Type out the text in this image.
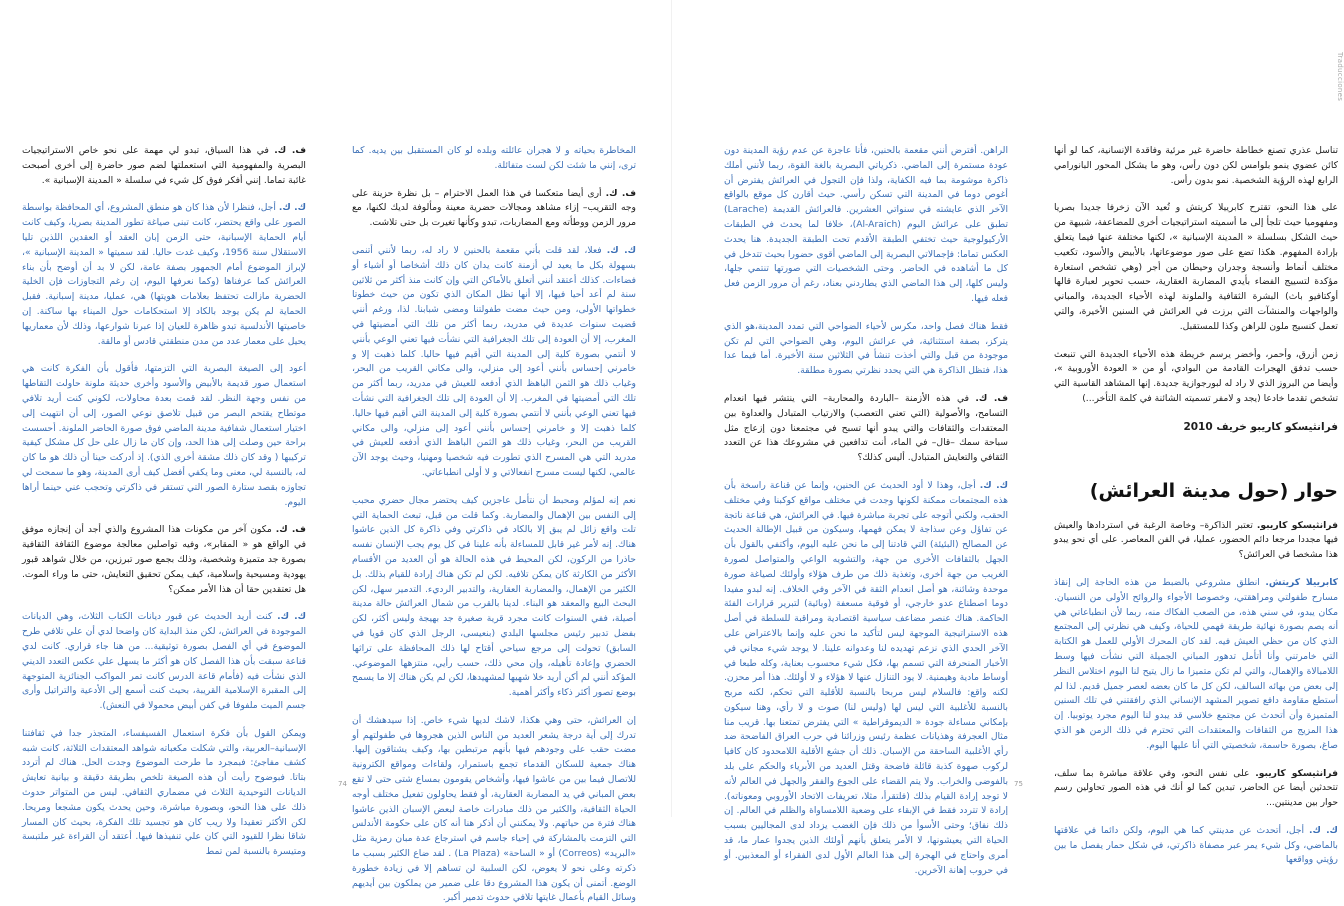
المخاطرة بحياته و لا هجران عائلته وبلده لو كان المستقبل بين يديه. كما ترى، إنني ما شئت لكن لست متفائلة.

ف. ك. أرى أيضا متعكسا في هذا العمل الاحترام – بل نظرة حزينة على وجه التقريب– إزاء مشاهد ومجالات حضرية معينة ومألوفة لديك لكنها، مع مرور الزمن ووطأته ومع المضاربات، تبدو وكأنها تغيرت بل حتى تلاشت.

ك. ك. فعلا، لقد قلت بأني مقعمة بالحنين لا راد له، ربما لأنني أتنمى بسهولة بكل ما يعيد لي أزمنة كانت يدان كان ذلك أشخاصا أو أشياء أو فضاءات. كذلك أعتقد أنني أتعلق بالأماكن التي وإن كانت منذ أكثر من ثلاثين سنة لم أعد أحيا فيها، إلا أنها تظل المكان الذي تكون من حيث خطوتا خطواتها الأولى، ومن حيث مضت طفولتنا ومضى شبابنا. لذا، ورغم أنني قضيت سنوات عديدة في مدريد، ربما أكثر من تلك التي أمضيتها في المغرب، إلا أن العودة إلى تلك الجغرافية التي نشأت فيها تعني الوعي بأنني لا أنتمي بصورة كلية إلى المدينة التي أقيم فيها حاليا. كلما ذهبت إلا و خامرني إحساس بأنني أعود إلى منزلي، والى مكاني القريب من البحر، وغياب ذلك هو الثمن الباهظ الذي أدفعه للعيش في مدريد، ربما أكثر من تلك التي أمضيتها في المغرب. إلا أن العودة إلى تلك الجغرافية التي نشأت فيها تعني الوعي بأنني لا أنتمي بصورة كلية إلى المدينة التي أقيم فيها حاليا. كلما ذهبت إلا و خامرني إحساس بأنني أعود إلى منزلي، والى مكاني القريب من البحر، وغياب ذلك هو الثمن الباهظ الذي أدفعه للعيش في مدريد التي هي المسرح الذي تطورت فيه شخصيا ومهنيا، وحيث يوجد الآن عالمي، لكنها ليست مسرح انفعالاتي و لا أولى انطباعاتي.

نعم إنه لمؤلم ومحبط أن نتأمل عاجزين كيف يحتضر مجال حضري محبب إلى النفس بين الإهمال والمضاربة. وكما قلت من قبل، تبعث الحماية التي تلت واقع زائل لم يبق إلا بالكاد في ذاكرتي وفي ذاكرة كل الذين عاشوا هناك. إنه لأمر غير قابل للمساءلة بأنه علينا في كل يوم يجب الإنسان نفسه حاذرا من الركون، لكن المحيط في هذه الحالة هو أن العديد من الأقسام الأكثر من الكارثة كان يمكن تلافيه. لكن لم تكن هناك إرادة للقيام بذلك. بل الكثير من الإهمال، والمضاربة العقارية، والتدبير الرديء. التدمير سهل، لكن البحث البيع والمعقد هو البناء. لدينا بالقرب من شمال العرائش حالة مدينة أصيلة، ففي السنوات كانت مجرد قرية صغيرة جد بهيجة وليس أكثر، لكن بفضل تدبير رئيس مجلسها البلدي (بنعيسى، الرجل الذي كان قويا في السابق) تحولت إلى مرجع سياحي أقتاح لها ذلك المحافظة على تراثها الحضري وإعادة تأهيله، وإن محي ذلك، حسب رأيي، منتزهها الموضوعي. المؤكد أنني لم أكن أريد خلا شهيها لمشهيدها، لكن لم يكن هناك إلا ما يسمح بوضع تصور أكثر ذكاء وأكثر أهمية.

إن العرائش، حتى وهي هكذا، لاشك لديها شيء خاص. إذا سيدهشك أن تدرك إلى أية درجة يشعر العديد من الناس الذين هجروها في طفولتهم أو مضت حقب على وجودهم فيها بأنهم مرتبطين بها، وكيف يشتاقون إليها. هناك جمعية للسكان القدماء تجمع باستمرار، ولقاءات ومواقع الكترونية للاتصال فيما بين من عاشوا فيها، وأشخاص يقومون بمساع شتى حتى لا تقع بعض المباني في يد المضاربة العقارية، أو فقط يحاولون تفعيل مختلف أوجه الحياة الثقافية، والكثير من ذلك مبادرات خاصة لبعض الإسبان الذين عاشوا هناك فترة من حياتهم. ولا يمكنني أن أذكر هنا أنه كان على حكومة الأندلس التي التزمت بالمشاركة في إحياء جاسم في استرجاع عدة مبان رمزية مثل «البريد» (Correos) أو « الساحة» (La Plaza) . لقد ضاع الكثير بسبب ما ذكرته وعلى نحو لا يعوض، لكن السلبية لن تساهم إلا في زيادة خطورة الوضع. أتمنى أن يكون هذا المشروع دقا على ضمير من يملكون بين أيديهم وسائل القيام بأعمال غايتها تلافي حدوث تدمير أكبر.

ف. ك. في هذا السياق، تبدو لي مهمة على نحو خاص الاستراتيجيات البصرية والمفهومية التي استعملتها لضم صور حاضرة إلى أخرى أصبحت غائبة تماما. إنني أفكر فوق كل شيء في سلسلة « المدينة الإسبانية ».

ك. ك. أجل، فنظرا لأن هذا كان هو منطق المشروع، أي المحافظة بواسطة الصور على واقع يحتضر، كانت تبنى صياغة تطور المدينة بصريا، وكيف كانت أيام الحماية الإسبانية، حتى الزمن إبان العقد أو العقدين اللذين تليا الاستقلال سنة 1956، وكيف غدت حاليا. لقد سميتها « المدينة الإسبانية »، لإبراز الموضوع أمام الجمهور بصفة عامة، لكن لا بد أن أوضح بأن بناء العرائش كما عرفناها (وكما نعرفها اليوم، إن رغم التجاوزات فإن الخلية الحضرية مازالت تحتفظ بعلامات هويتها) هي، عمليا، مدينة إسبانية. فقبل الحماية لم يكن يوجد بالكاد إلا استحكامات حول الميناء بها ساكنة. إن خاصيتها الأندلسية تبدو ظاهرة للعيان إذا عبرنا شوارعها، وذلك لأن معماريها يحيل على معمار عدد من مدن منطقتي قادس أو مالقة.

أعود إلى الصيغة البصرية التي التزمتها، فأقول بأن الفكرة كانت هي استعمال صور قديمة بالأبيض والأسود وأخرى حديثة ملونة حاولت التقاطها من نفس وجهة النظر. لقد قمت بعدة محاولات، لكوني كنت أريد تلافي موتطاح يقتحم البصر من قبيل تلاصق نوعي الصور، إلى أن انتهيت إلى اختيار استعمال شفافية مدينة الماضي فوق صورة الحاضر الملونة. أحسست براحة حين وصلت إلى هذا الحد، وإن كان ما زال على حل كل مشكل كيفية تركيبها ( وقد كان ذلك مشقة أخرى الذي). إذ أدركت حينا أن ذلك هو ما كان له، بالنسبة لي، معنى وما يكفي أفضل كيف أرى المدينة، وهو ما سمحت لي تجاوزه بقصد ستارة الصور التي تستقر في ذاكرتي وتحجب عني حينما أراها اليوم.

ف. ك. مكون آخر من مكونات هذا المشروع والذي أجد أن إنجازه موفق في الواقع هو « المقابر»، وفيه تواصلين معالجة موضوع الثقافة الثقافية بصورة جد متميزة وشخصية، وذلك بجمع صور تبرزين، من خلال شواهد قبور يهودية ومسيحية وإسلامية، كيف يمكن تحقيق التعايش، حتى ما وراء الموت. هل تعتقدين حقا أن هذا الأمر ممكن؟

ك. ك. كنت أريد الحديث عن قبور ديانات الكتاب الثلاث، وهي الديانات الموجودة في العرائش، لكن منذ البداية كان واضحا لدي أن علي تلافي طرح الموضوع في أي الفصل بصورة توثيقية... من هنا جاء قراري. كانت لدي قناعة سبقت بأن هذا الفصل كان هو أكثر ما يسهل علي عكس التعدد الديني الذي نشأت فيه (فأمام قاعة الدرس كانت تمر المواكب الجنائزية المتوجهة إلى المقبرة الإسلامية القريبة، بحيث كنت أسمع إلى الأدعية والتراتيل وأرى جسم الميت ملفوفا في كفن أبيض محمولا في النعش).

ويمكن القول بأن فكرة استعمال الفسيفساء، المتجذر جدا في ثقافتنا الإسبانية–العربية، والتي شكلت مكعباته شواهد المعتقدات الثلاثة، كانت شبه كشف مفاجئ: فبمجرد ما طرحت الموضوع وجدت الحل. هناك لم أتردد بتاتا. فبوضوح رأيت أن هذه الصيغة تلخص بطريقة دقيقة و بيانية تعايش الديانات التوحيدية الثلاث في مضماري الثقافي. ليس من المتواتر حدوث ذلك على هذا النحو، وبصورة مباشرة، وحين يحدث يكون مشجعا ومريحا. لكن الأكثر تعقيدا ولا ريب كان هو تجسيد تلك الفكرة، بحيث كان المسار شاقا نظرا للقيود التي كان علي تنفيذها فيها. أعتقد أن القراءة غير ملتبسة ومتيسرة بالنسبة لمن تمط

74
Traducciones

تناسل عذري تصنع خطاطة حاضرة غير مرئية وفاقدة الإنسانية، كما لو أنها كائن عضوي ينمو بلوامس لكن دون رأس، وهو ما يشكل المحور البانورامي الرابع لهذه الرؤية الشخصية. نمو بدون رأس.

على هذا النحو، تقترح كابرييلا كريتش و تُعيد الآن زخرفا جديدا بصريا ومفهوميا حيث تلجأ إلى ما أسميته استراتيجيات أخرى للمضاعفة، شبيهة من حيث الشكل بسلسلة « المدينة الإسبانية »، لكنها مختلفة عنها فيما يتعلق بإرادة المفهوم. هكذا تضع على صور موضوعاتها، بالأبيض والأسود، تكعيب مختلف أنماط وأنسجة وجدران وحيطان من أجر (وهي تشخص استعارة مؤكدة لتسييج الفضاء بأيدي المضاربة العقارية، حسب تحوير لعبارة قالها أوكتافيو باث) البشرة الثقافية والملونة لهذه الأحياء الجديدة، والمباني والواجهات والمنشآت التي برزت في العرائش في السنين الأخيرة، والتي تعمل كنسيج ملون للراهن وكذا للمستقبل.

زمن أزرق، وأحمر، وأخضر يرسم خريطة هذه الأحياء الجديدة التي تنبعث حسب تدفق الهجرات القادمة من البوادي، أو من « العودة الأوروبية »، وأيضا من البروز الذي لا راد له لبورجوازية جديدة. إنها المشاهد القاسية التي تشخص تقدما خادعا (يجد و لامفر تسميته الشائنة في كلمة التأخر...)

فرانثيسكو كاريبو خريف 2010

حوار (حول مدينة العرائش)

فرانثيسكو كاريبو. تعتبر الذاكرة– وخاصة الرغبة في استردادها والعيش فيها مجددا مرجعا دائم الحضور، عمليا، في الفن المعاصر. على أي نحو يبدو هذا مشخصا في العرائش؟

كابرييلا كريتش. انطلق مشروعي بالضبط من هذه الحاجة إلى إنقاذ مسارح طفولتي ومراهقتي، وخصوصا الأجواء والروائح الأولى من النسيان. مكان يبدو، في سني هذه، من الصعب الفكاك منه، ربما لأن انطباعاتي هي أنه يصم بصورة نهائية طريقة فهمي للحياة، وكيف هي نظرتي إلى المجتمع الذي كان من حظي العيش فيه. لقد كان المحرك الأولي للعمل هو الكتابة التي خامرتني وأنا أتأمل تدهور المباني الجميلة التي نشأت فيها وسط اللامبالاة والإهمال، والتي لم تكن متميزا ما زال يتيح لنا اليوم اختلاس النظر إلى بعض من بهائه السالف، لكن كل ما كان بعضه لعصر جميل قديم. لذا لم أستطع مقاومة دافع تصوير المشهد الإنساني الذي رافقتني في تلك السنين المتميزة وأن أتحدث عن مجتمع خلاسي قد يبدو لنا اليوم مجرد يوتوبيا. إن هذا المزيج من الثقافات والمعتقدات التي تحترم في ذلك الزمن هو الذي صاغ، بصورة حاسمة، شخصيتي التي أنا عليها اليوم.

فرانثيسكو كاريبو. على نفس النحو، وفي علاقة مباشرة بما سلف، تتحدثين أيضا عن الحاضر، تبدين كما لو أنك في هذه الصور تحاولين رسم حوار بين مدينتين...

ك. ك. أجل، أتحدث عن مدينتي كما هي اليوم، ولكن دائما في علاقتها بالماضي، وكل شيء يمر عبر مصفاة ذاكرتي، في شكل حمار يفصل ما بين رؤيتي وواقعها

الراهن. أفترض أنني مقعمة بالحنين، فأنا عاجزة عن عدم رؤية المدينة دون عودة مستمرة إلى الماضي. ذكرياتي البصرية بالغة القوة، ربما لأنني أملك ذاكرة موشومة بما فيه الكفاية، ولذا فإن التجول في العرائش يفترض أن أغوص دوما في المدينة التي تسكن رأسي. حيث أقارن كل موقع بالواقع الآخر الذي عايشته في سنواتي العشرين. فالعرائش القديمة (Larache) تطبق على عرائش اليوم (Al-Araich)، خلافا لما يحدث في الطبقات الأركيولوجية حيث تختفي الطبقة الأقدم تحت الطبقة الجديدة. هنا يحدث العكس تماما: فإجمالاتي البصرية إلى الماضي أقوى حضورا بحيث تتدخل في كل ما أشاهده في الحاضر. وحتى الشخصيات التي صورتها تنتمي جلها، وليس كلها، إلى هذا الماضي الذي يطاردني بعناد، رغم أن مرور الزمن فعل فعله فيها.

فقط هناك فصل واحد، مكرس لأحياء الضواحي التي تمدد المدينة،هو الذي يتركز، بصفة استثنائية، في عرائش اليوم، وهي الضواحي التي لم تكن موجودة من قبل والتي أخذت تنشأ في الثلاثين سنة الأخيرة. أما فيما عدا هذا، فتظل الذاكرة هي التي يحدد نظرتي بصورة مطلقة.

ف. ك. في هذه الأزمنة –الباردة والمحاربة– التي ينتشر فيها انعدام التسامح، والأصولية (التي تعني التعصب) والارتياب المتبادل والعداوة بين المعتقدات والثقافات والتي يبدو أنها تسبح في مجتمعنا دون إزعاج مثل سباحة سمك –قال– في الماء، أنت تدافعين في مشروعك هذا عن التعدد الثقافي والتعايش المتبادل. أليس كذلك؟

ك. ك. أجل، وهذا لا أود الحديث عن الحنين، وإنما عن قناعة راسخة بأن هذه المجتمعات ممكنة لكونها وجدت في مختلف مواقع كوكبنا وفي مختلف الحقب، ولكني أتوجه على تجربة مباشرة فيها. في العرائش، هي قناعة ناتجة عن تفاؤل وعن سذاجة لا يمكن فهمها، وسيكون من قبيل الإطالة الحديث عن المصالح (البئيئة) التي قادتنا إلى ما نحن عليه اليوم، وأكتفي بالقول بأن الجهل بالثقافات الأخرى من جهة، والتشويه الواعي والمتواصل لصورة الغريب من جهة أخرى، وتغذية ذلك من طرف هؤلاء وأولئك لصياغة صورة موحدة وشائنة، هو أصل انعدام الثقة في الآخر وفي الخلاف. إنه لبدو مفيدا دوما اصطناع عدو خارجي، أو فوقية مسعفة (وبائية) لتبرير قرارات الفئة الحاكمة. هناك عنصر مضاعف سياسية اقتصادية ومراقبة للسلطة في أصل هذه الاستراتيجية الموجهة ليس لتأكيد ما نحن عليه وإنما بالاعتراض على الآخر الحدي الذي نزعم تهديده لنا وعدوانه علينا. لا يوجد شيء مجاني في الأخبار المنحرفة التي تسمم بها، فكل شيء محسوب بعناية، وكله طبعا في أوساط مادية وهيمنية. لا يود التنازل عنها لا هؤلاء و لا أولئك. هذا أمر محزن. لكنه واقع: فالسلام ليس مربحا بالنسبة للأقلية التي تحكم، لكنه مربح بالنسبة للأغلبية التي ليس لها (وليس لنا) صوت و لا رأي، وهنا سيكون بإمكاني مساءلة جودة « الديموقراطية » التي يفترض تمتعنا بها. قريب منا مثال العجرفة وهذيانات عظمة رئيس وزرائنا في حرب العراق الفاضحة ضد رأي الأغلبية الساحقة من الإسبان. ذلك أن جشع الأقلية اللامحدود كان كافيا لركوب صهوة كذبة قائلة فاضحة وقتل العديد من الأبرياء والحكم على بلد بالفوضى والخراب. ولا يتم القضاء على الجوع والفقر والجهل في العالم لأنه لا توجد إرادة القيام بذلك (فلتقرأ، مثلا، تعريفات الاتحاد الأوروبي ومعوناته). إرادة لا تتردد فقط في الإبقاء على وضعية اللامساواة والظلم في العالم. إن ذلك نفاق؛ وحتى الأسوأ من ذلك فإن الغضب يزداد لدى المجاليين بسبب الحياة التي يعيشونها، لا الأمر يتعلق بأنهم أولئك الذين يجدوا عمار ما، قد أمرى واحتاج في الهجرة إلى هذا العالم الأول لدى الفقراء أو المعذبين. أو في حروب إهانة الآخرين.

75
